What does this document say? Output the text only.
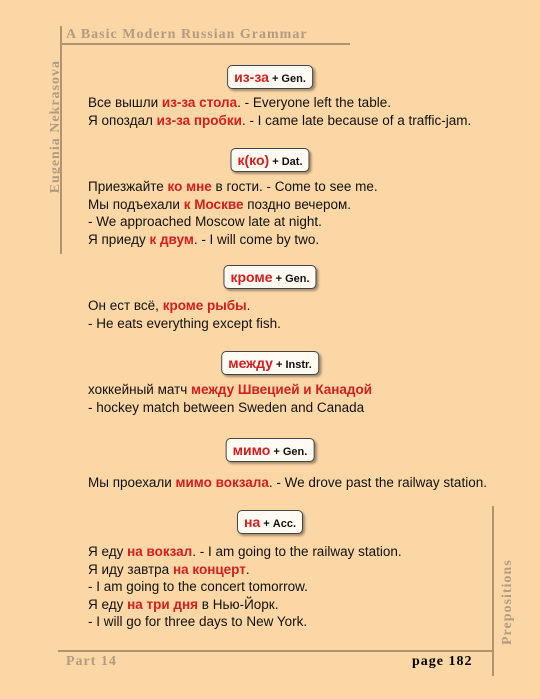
A Basic Modern Russian Grammar
Eugenia Nekrasova
Prepositions
Part 14	page 182
из-за + Gen.
Все вышли из-за стола. - Everyone left the table.
Я опоздал из-за пробки. - I came late because of a traffic-jam.
к(ко) + Dat.
Приезжайте ко мне в гости. - Come to see me.
Мы подъехали к Москве поздно вечером.
- We approached Moscow late at night.
Я приеду к двум. - I will come by two.
кроме + Gen.
Он ест всё, кроме рыбы.
- He eats everything except fish.
между + Instr.
хоккейный матч между Швецией и Канадой
- hockey match between Sweden and Canada
мимо + Gen.
Мы проехали мимо вокзала. - We drove past the railway station.
на + Acc.
Я еду на вокзал. - I am going to the railway station.
Я иду завтра на концерт.
- I am going to the concert tomorrow.
Я еду на три дня в Нью-Йорк.
- I will go for three days to New York.
